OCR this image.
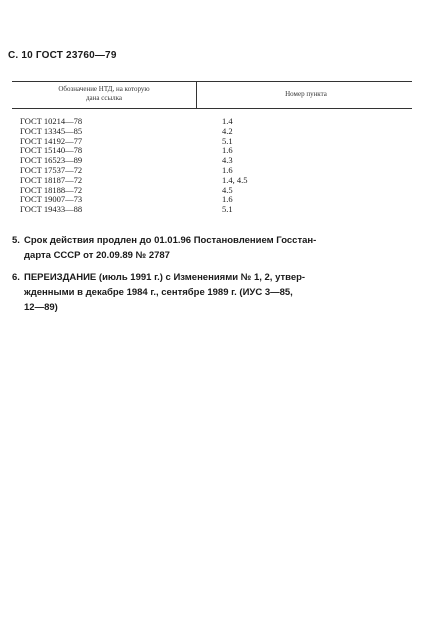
С. 10 ГОСТ 23760—79
Обозначение НТД, на которую
дана ссылка	Номер пункта
ГОСТ 10214—78
ГОСТ 13345—85
ГОСТ 14192—77
ГОСТ 15140—78
ГОСТ 16523—89
ГОСТ 17537—72
ГОСТ 18187—72
ГОСТ 18188—72
ГОСТ 19007—73
ГОСТ 19433—88
1.4
4.2
5.1
1.6
4.3
1.6
1.4, 4.5
4.5
1.6
5.1

5. Срок действия продлен до 01.01.96 Постановлением Госстан-

дарта СССР от 20.09.89 № 2787

6. ПЕРЕИЗДАНИЕ (июль 1991 г.) с Изменениями № 1, 2, утвер-

жденными в декабре 1984 г., сентябре 1989 г. (ИУС 3—85,

12—89)
